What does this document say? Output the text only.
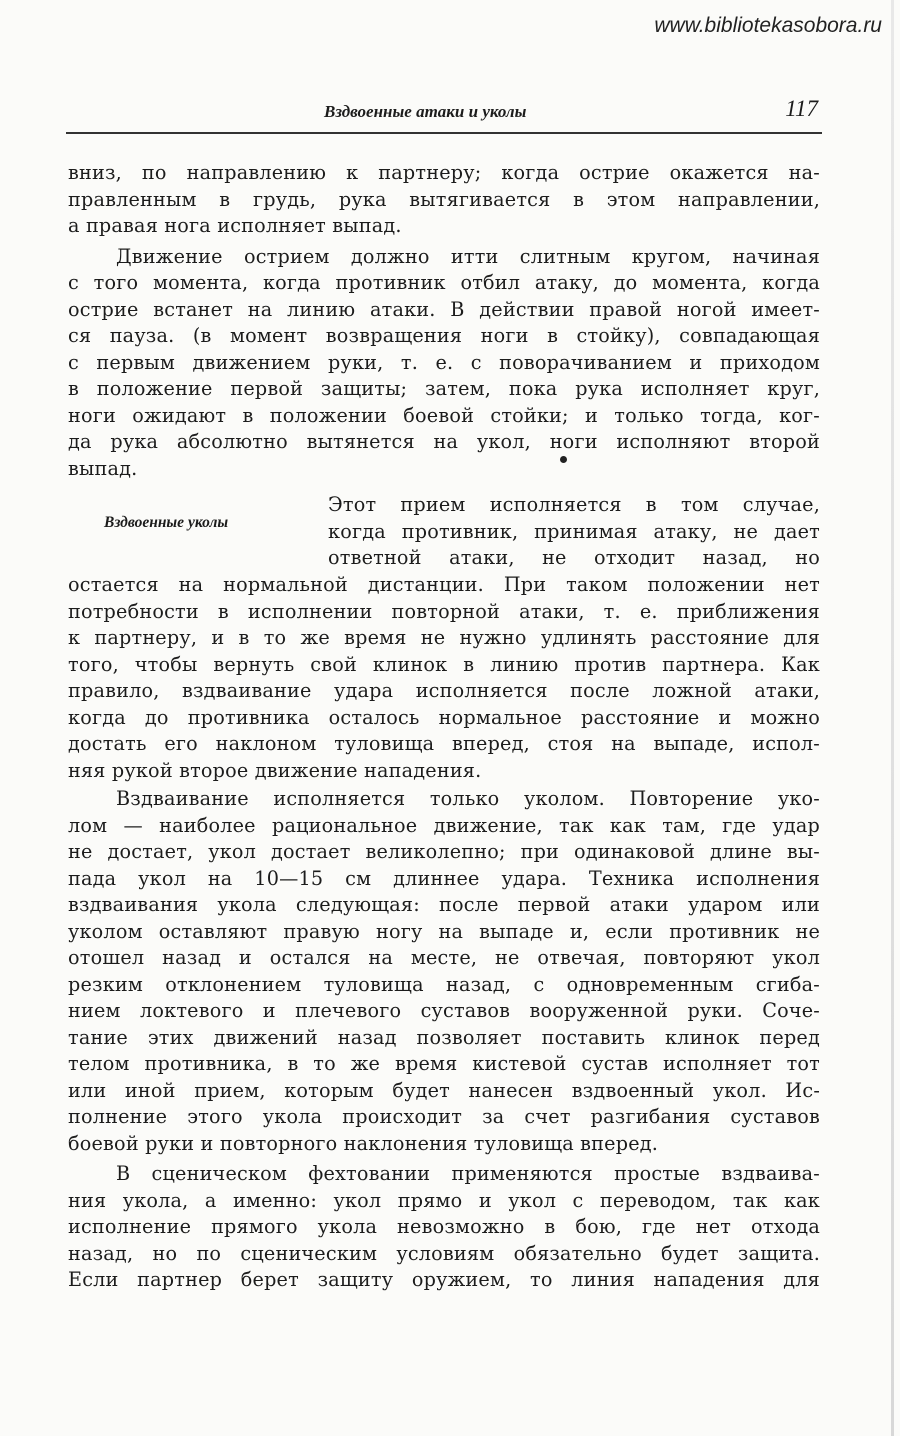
www.bibliotekasobora.ru
Вздвоенные атаки и уколы	117
вниз, по направлению к партнеру; когда острие окажется на-
правленным в грудь, рука вытягивается в этом направлении,
а правая нога исполняет выпад.
Движение острием должно итти слитным кругом, начиная
с того момента, когда противник отбил атаку, до момента, когда
острие встанет на линию атаки. В действии правой ногой имеет-
ся пауза. (в момент возвращения ноги в стойку), совпадающая
с первым движением руки, т. е. с поворачиванием и приходом
в положение первой защиты; затем, пока рука исполняет круг,
ноги ожидают в положении боевой стойки; и только тогда, ког-
да рука абсолютно вытянется на укол, ноги исполняют второй
выпад.
Вздвоенные уколы
Этот прием исполняется в том случае,
когда противник, принимая атаку, не дает
ответной атаки, не отходит назад, но
остается на нормальной дистанции. При таком положении нет
потребности в исполнении повторной атаки, т. е. приближения
к партнеру, и в то же время не нужно удлинять расстояние для
того, чтобы вернуть свой клинок в линию против партнера. Как
правило, вздваивание удара исполняется после ложной атаки,
когда до противника осталось нормальное расстояние и можно
достать его наклоном туловища вперед, стоя на выпаде, испол-
няя рукой второе движение нападения.
Вздваивание исполняется только уколом. Повторение уко-
лом — наиболее рациональное движение, так как там, где удар
не достает, укол достает великолепно; при одинаковой длине вы-
пада укол на 10—15 см длиннее удара. Техника исполнения
вздваивания укола следующая: после первой атаки ударом или
уколом оставляют правую ногу на выпаде и, если противник не
отошел назад и остался на месте, не отвечая, повторяют укол
резким отклонением туловища назад, с одновременным сгиба-
нием локтевого и плечевого суставов вооруженной руки. Соче-
тание этих движений назад позволяет поставить клинок перед
телом противника, в то же время кистевой сустав исполняет тот
или иной прием, которым будет нанесен вздвоенный укол. Ис-
полнение этого укола происходит за счет разгибания суставов
боевой руки и повторного наклонения туловища вперед.
В сценическом фехтовании применяются простые вздваива-
ния укола, а именно: укол прямо и укол с переводом, так как
исполнение прямого укола невозможно в бою, где нет отхода
назад, но по сценическим условиям обязательно будет защита.
Если партнер берет защиту оружием, то линия нападения для
